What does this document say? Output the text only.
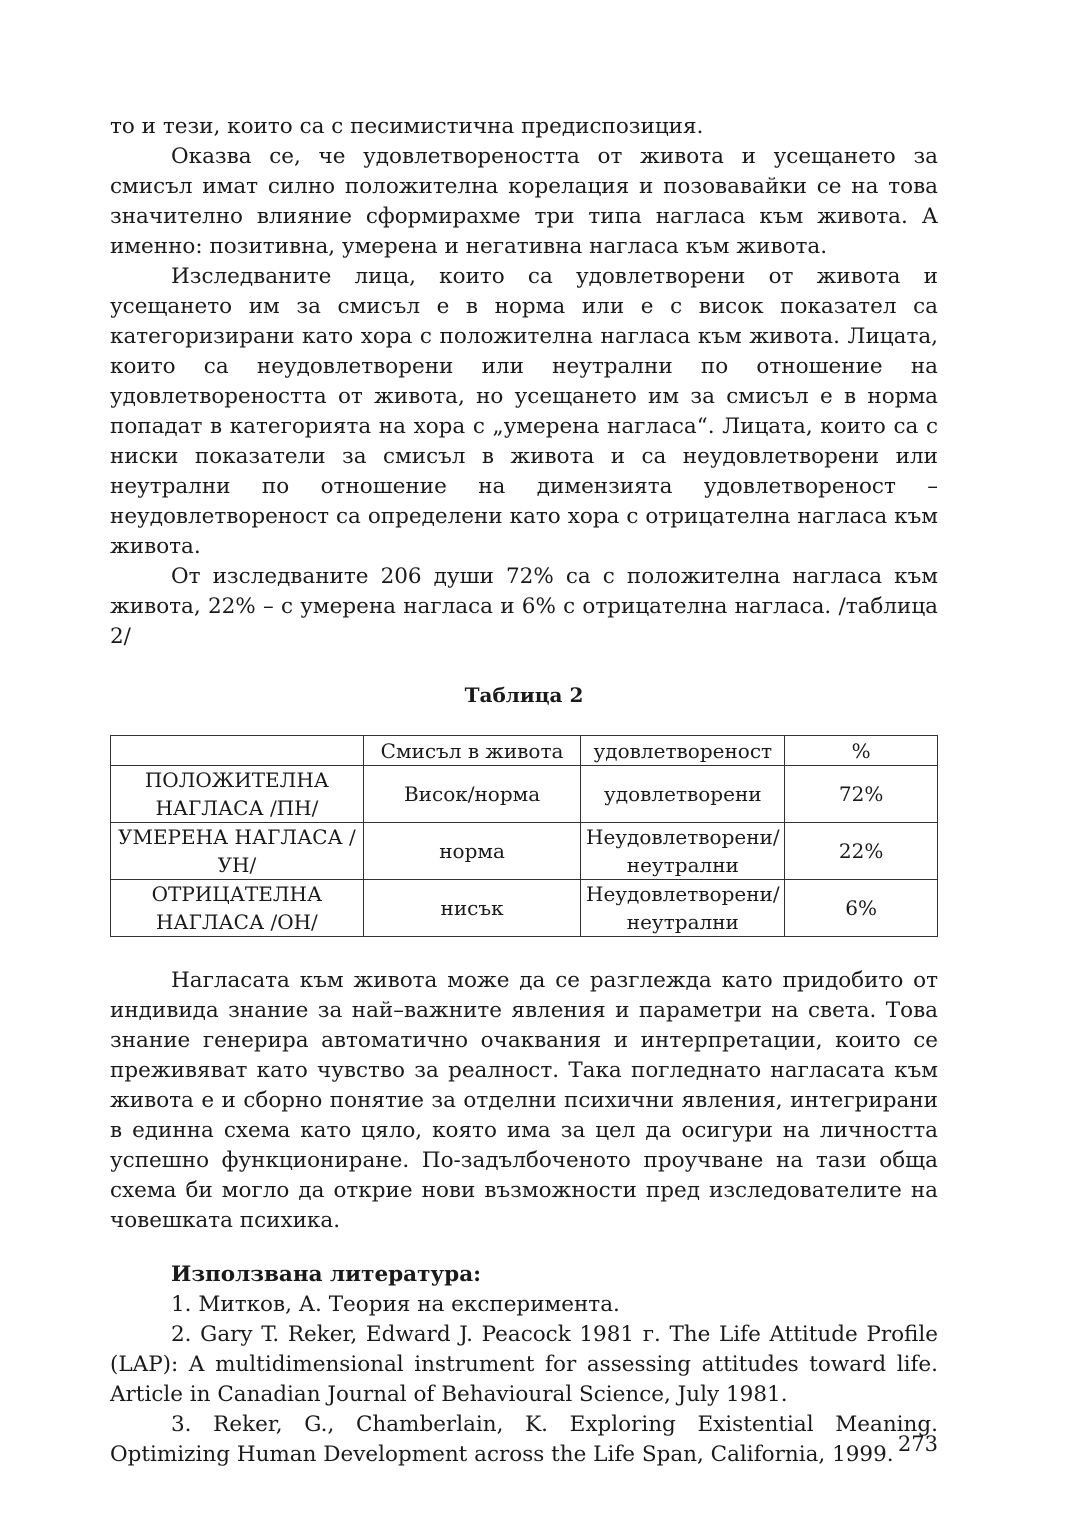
то и тези, които са с песимистична предиспозиция.

Оказва се, че удовлетвореността от живота и усещането за смисъл имат силно положителна корелация и позовавайки се на това значително влияние сформирахме три типа нагласа към живота. А именно: позитивна, умерена и негативна нагласа към живота.

Изследваните лица, които са удовлетворени от живота и усещането им за смисъл е в норма или е с висок показател са категоризирани като хора с положителна нагласа към живота. Лицата, които са неудовлетворени или неутрални по отношение на удовлетвореността от живота, но усещането им за смисъл е в норма попадат в категорията на хора с „умерена нагласа“. Лицата, които са с ниски показатели за смисъл в живота и са неудовлетворени или неутрални по отношение на димензията удовлетвореност – неудовлетвореност са определени като хора с отрицателна нагласа към живота.

От изследваните 206 души 72% са с положителна нагласа към живота, 22% – с умерена нагласа и 6% с отрицателна нагласа. /таблица 2/

Таблица 2
	Смисъл в живота	удовлетвореност	%
ПОЛОЖИТЕЛНА НАГЛАСА /ПН/	Висок/норма	удовлетворени	72%
УМЕРЕНА НАГЛАСА /УН/	норма	Неудовлетворени/ неутрални	22%
ОТРИЦАТЕЛНА НАГЛАСА /ОН/	нисък	Неудовлетворени/ неутрални	6%

Нагласата към живота може да се разглежда като придобито от индивида знание за най–важните явления и параметри на света. Това знание генерира автоматично очаквания и интерпретации, които се преживяват като чувство за реалност. Така погледнато нагласата към живота е и сборно понятие за отделни психични явления, интегрирани в единна схема като цяло, която има за цел да осигури на личността успешно функциониране. По-задълбоченото проучване на тази обща схема би могло да открие нови възможности пред изследователите на човешката психика.

Използвана литература:

1. Митков, А. Теория на експеримента.

2. Gary T. Reker, Edward J. Peacock 1981 г. The Life Attitude Profile (LAP): A multidimensional instrument for assessing attitudes toward life. Article in Canadian Journal of Behavioural Science, July 1981.

3. Reker, G., Chamberlain, K. Exploring Existential Meaning. Optimizing Human Development across the Life Span, California, 1999. 273
